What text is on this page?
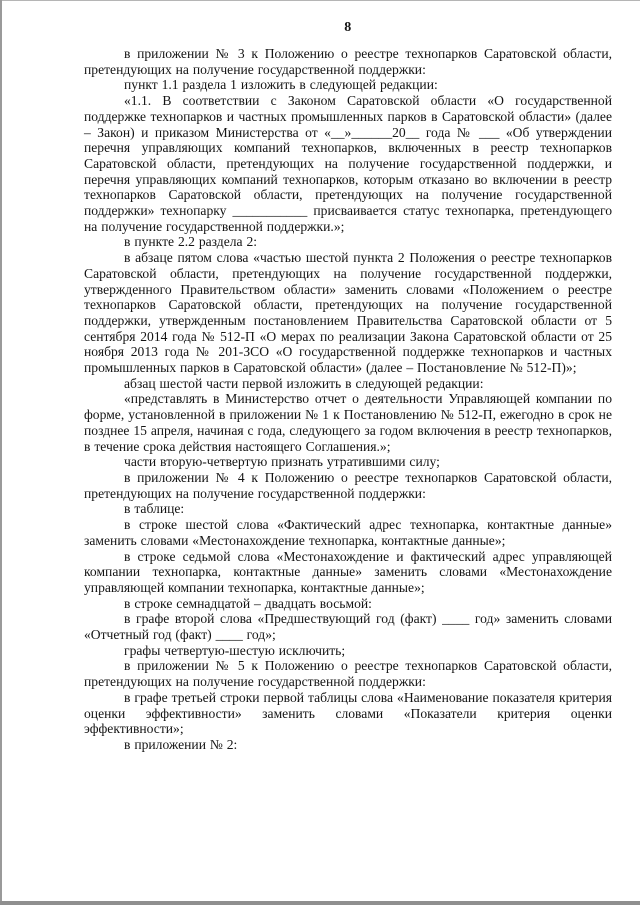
8

в приложении № 3 к Положению о реестре технопарков Саратовской области, претендующих на получение государственной поддержки:

пункт 1.1 раздела 1 изложить в следующей редакции:

«1.1. В соответствии с Законом Саратовской области «О государственной поддержке технопарков и частных промышленных парков в Саратовской области» (далее – Закон) и приказом Министерства от «__»______20__ года № ___ «Об утверждении перечня управляющих компаний технопарков, включенных в реестр технопарков Саратовской области, претендующих на получение государственной поддержки, и перечня управляющих компаний технопарков, которым отказано во включении в реестр технопарков Саратовской области, претендующих на получение государственной поддержки» технопарку ___________ присваивается статус технопарка, претендующего на получение государственной поддержки.»;

в пункте 2.2 раздела 2:

в абзаце пятом слова «частью шестой пункта 2 Положения о реестре технопарков Саратовской области, претендующих на получение государственной поддержки, утвержденного Правительством области» заменить словами «Положением о реестре технопарков Саратовской области, претендующих на получение государственной поддержки, утвержденным постановлением Правительства Саратовской области от 5 сентября 2014 года № 512-П «О мерах по реализации Закона Саратовской области от 25 ноября 2013 года № 201-ЗСО «О государственной поддержке технопарков и частных промышленных парков в Саратовской области» (далее – Постановление № 512-П)»;

абзац шестой части первой изложить в следующей редакции:

«представлять в Министерство отчет о деятельности Управляющей компании по форме, установленной в приложении № 1 к Постановлению № 512-П, ежегодно в срок не позднее 15 апреля, начиная с года, следующего за годом включения в реестр технопарков, в течение срока действия настоящего Соглашения.»;

части вторую-четвертую признать утратившими силу;

в приложении № 4 к Положению о реестре технопарков Саратовской области, претендующих на получение государственной поддержки:

в таблице:

в строке шестой слова «Фактический адрес технопарка, контактные данные» заменить словами «Местонахождение технопарка, контактные данные»;

в строке седьмой слова «Местонахождение и фактический адрес управляющей компании технопарка, контактные данные» заменить словами «Местонахождение управляющей компании технопарка, контактные данные»;

в строке семнадцатой – двадцать восьмой:

в графе второй слова «Предшествующий год (факт) ____ год» заменить словами «Отчетный год (факт) ____ год»;

графы четвертую-шестую исключить;

в приложении № 5 к Положению о реестре технопарков Саратовской области, претендующих на получение государственной поддержки:

в графе третьей строки первой таблицы слова «Наименование показателя критерия оценки эффективности» заменить словами «Показатели критерия оценки эффективности»;

в приложении № 2:
